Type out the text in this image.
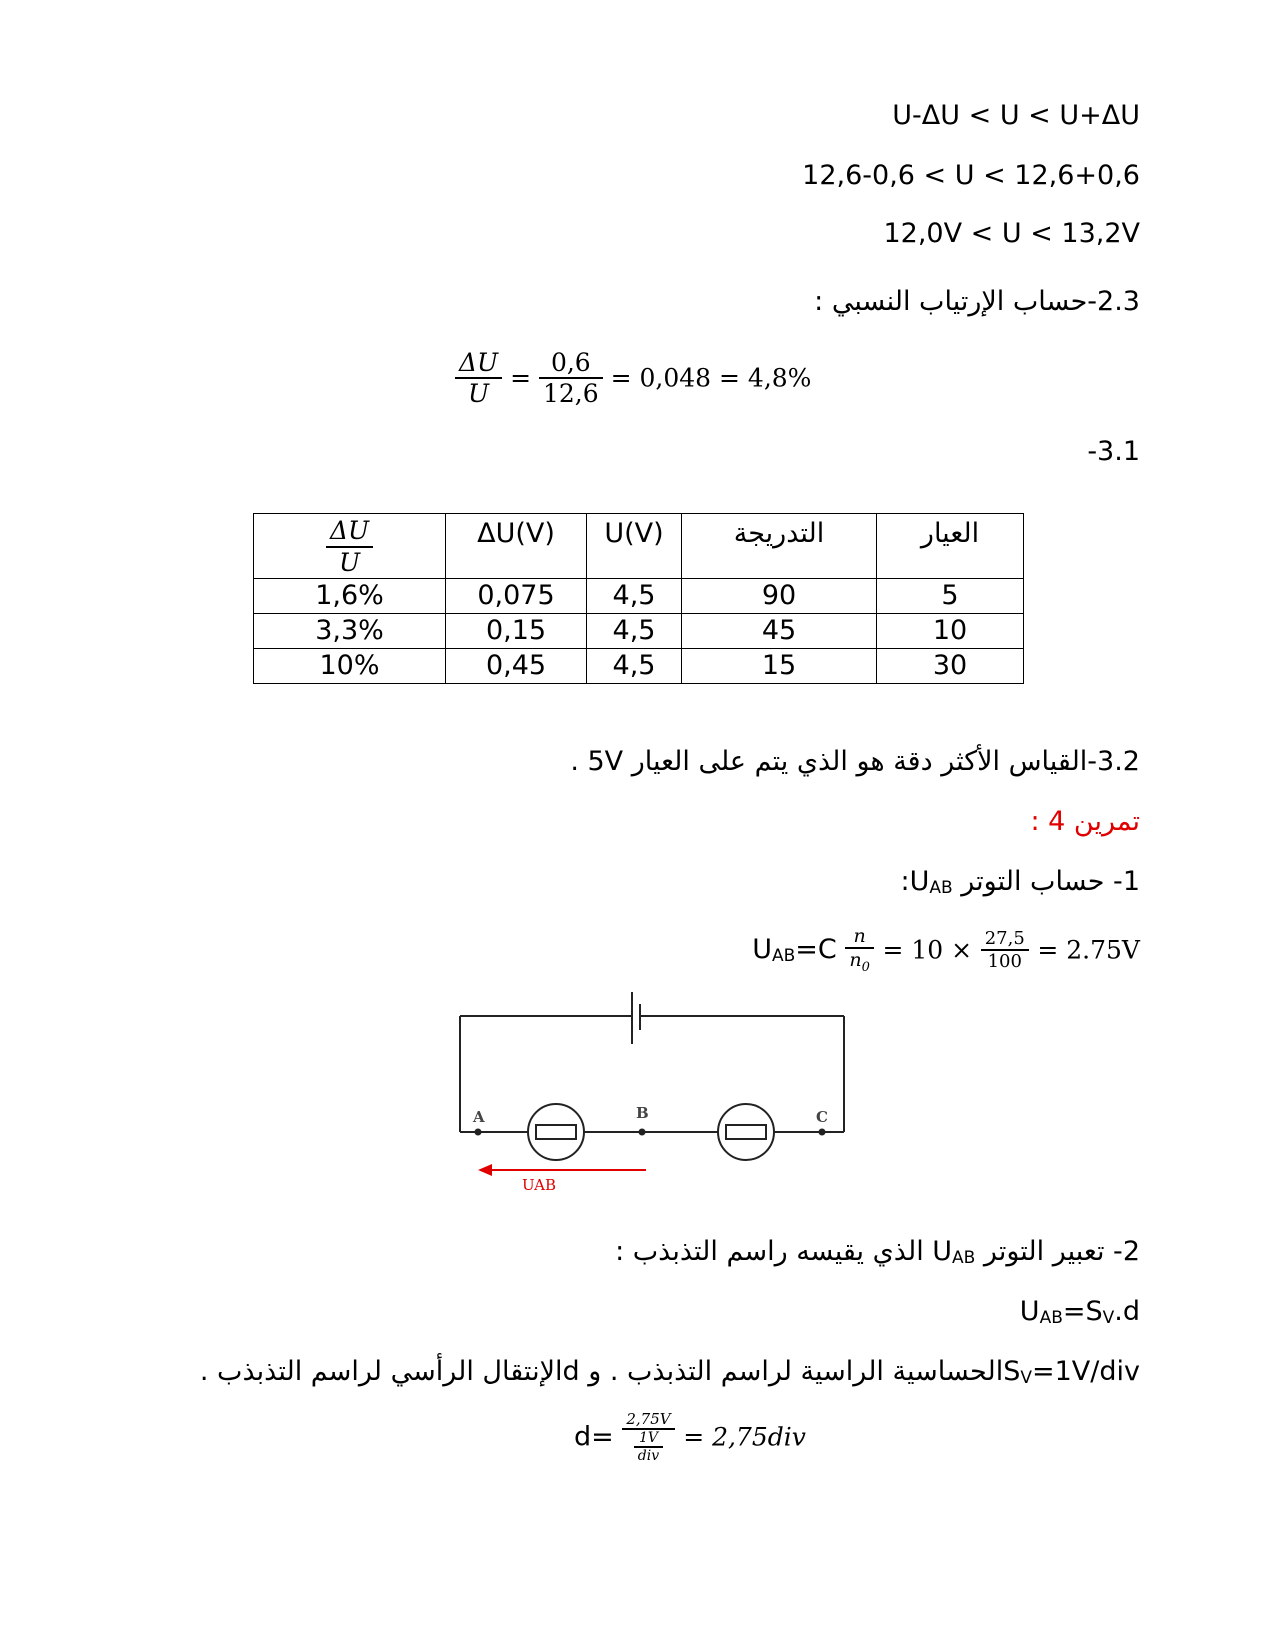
U-ΔU < U < U+ΔU
12,6-0,6 < U < 12,6+0,6
12,0V < U < 13,2V
2.3-حساب الإرتياب النسبي :
$\frac{\Delta U}{U} = \frac{0,6}{12,6} = 0,048 = 4,8\%$
-3.1
$\frac{\Delta U}{U}$	ΔU(V)	U(V)	التدريجة	العيار
1,6%	0,075	4,5	90	5
3,3%	0,15	4,5	45	10
10%	0,45	4,5	15	30
3.2-القياس الأكثر دقة هو الذي يتم على العيار 5V .
تمرين 4 :
1- حساب التوتر $U_{AB}$:
$U_{AB}=C \frac{n}{n_0} = 10 \times \frac{27,5}{100} = 2.75V$
A	B	C
UAB
2- تعبير التوتر $U_{AB}$ الذي يقيسه راسم التذبذب :
$U_{AB}=S_V.d$
$S_V=1V$/divالحساسية الراسية لراسم التذبذب . و dالإنتقال الرأسي لراسم التذبذب .
$d= \frac{2,75V}{\frac{1V}{\text{div}}} = 2,75div$
